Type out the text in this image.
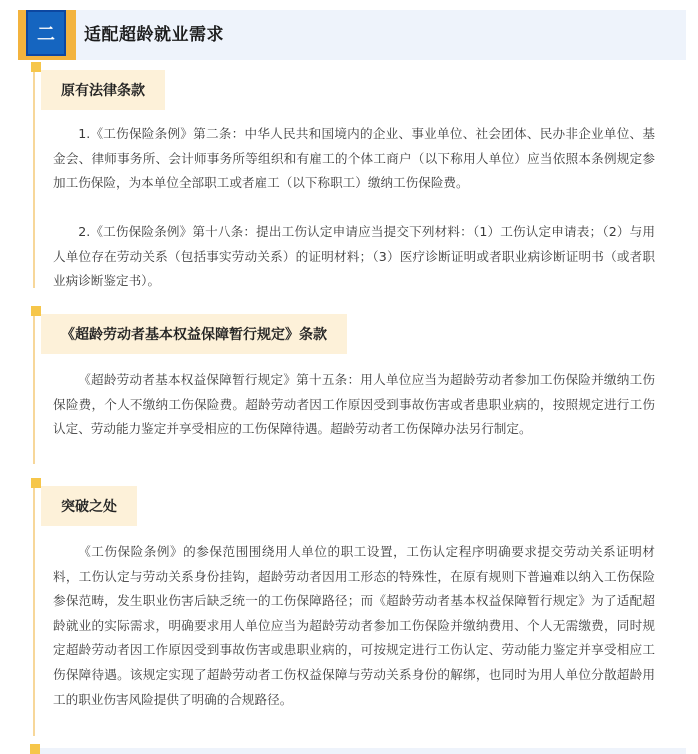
二	适配超龄就业需求
原有法律条款

1.《工伤保险条例》第二条：中华人民共和国境内的企业、事业单位、社会团体、民办非企业单位、基金会、律师事务所、会计师事务所等组织和有雇工的个体工商户（以下称用人单位）应当依照本条例规定参加工伤保险，为本单位全部职工或者雇工（以下称职工）缴纳工伤保险费。

2.《工伤保险条例》第十八条：提出工伤认定申请应当提交下列材料：（1）工伤认定申请表；（2）与用人单位存在劳动关系（包括事实劳动关系）的证明材料；（3）医疗诊断证明或者职业病诊断证明书（或者职业病诊断鉴定书）。

《超龄劳动者基本权益保障暂行规定》条款

《超龄劳动者基本权益保障暂行规定》第十五条：用人单位应当为超龄劳动者参加工伤保险并缴纳工伤保险费，个人不缴纳工伤保险费。超龄劳动者因工作原因受到事故伤害或者患职业病的，按照规定进行工伤认定、劳动能力鉴定并享受相应的工伤保障待遇。超龄劳动者工伤保障办法另行制定。

突破之处

《工伤保险条例》的参保范围围绕用人单位的职工设置，工伤认定程序明确要求提交劳动关系证明材料，工伤认定与劳动关系身份挂钩，超龄劳动者因用工形态的特殊性，在原有规则下普遍难以纳入工伤保险参保范畴，发生职业伤害后缺乏统一的工伤保障路径；而《超龄劳动者基本权益保障暂行规定》为了适配超龄就业的实际需求，明确要求用人单位应当为超龄劳动者参加工伤保险并缴纳费用、个人无需缴费，同时规定超龄劳动者因工作原因受到事故伤害或患职业病的，可按规定进行工伤认定、劳动能力鉴定并享受相应工伤保障待遇。该规定实现了超龄劳动者工伤权益保障与劳动关系身份的解绑，也同时为用人单位分散超龄用工的职业伤害风险提供了明确的合规路径。
